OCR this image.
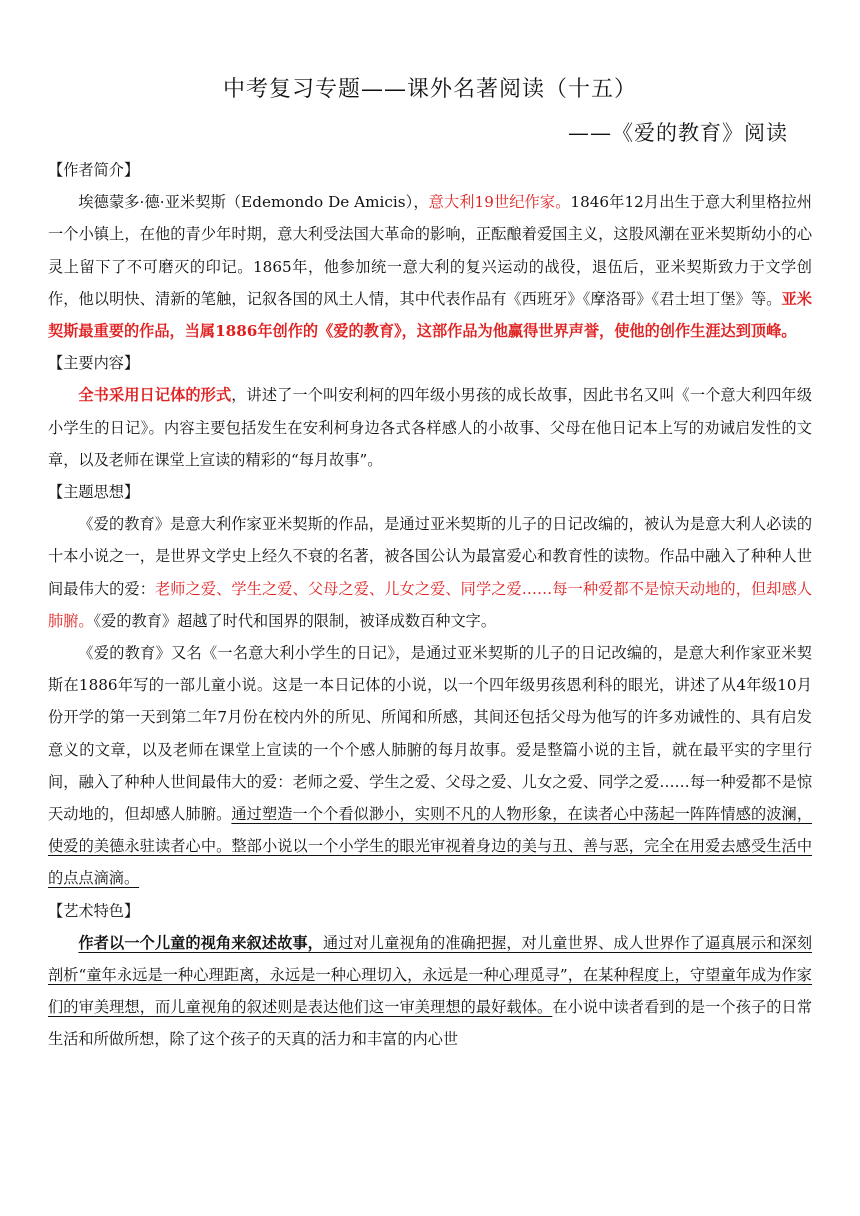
中考复习专题——课外名著阅读（十五）
——《爱的教育》阅读

【作者简介】

埃德蒙多·德·亚米契斯（Edemondo De Amicis），意大利19世纪作家。1846年12月出生于意大利里格拉州一个小镇上，在他的青少年时期，意大利受法国大革命的影响，正酝酿着爱国主义，这股风潮在亚米契斯幼小的心灵上留下了不可磨灭的印记。1865年，他参加统一意大利的复兴运动的战役，退伍后，亚米契斯致力于文学创作，他以明快、清新的笔触，记叙各国的风土人情，其中代表作品有《西班牙》《摩洛哥》《君士坦丁堡》等。亚米契斯最重要的作品，当属1886年创作的《爱的教育》，这部作品为他赢得世界声誉，使他的创作生涯达到顶峰。

【主要内容】

全书采用日记体的形式，讲述了一个叫安利柯的四年级小男孩的成长故事，因此书名又叫《一个意大利四年级小学生的日记》。内容主要包括发生在安利柯身边各式各样感人的小故事、父母在他日记本上写的劝诫启发性的文章，以及老师在课堂上宣读的精彩的“每月故事”。

【主题思想】

《爱的教育》是意大利作家亚米契斯的作品，是通过亚米契斯的儿子的日记改编的，被认为是意大利人必读的十本小说之一，是世界文学史上经久不衰的名著，被各国公认为最富爱心和教育性的读物。作品中融入了种种人世间最伟大的爱：老师之爱、学生之爱、父母之爱、儿女之爱、同学之爱……每一种爱都不是惊天动地的，但却感人肺腑。《爱的教育》超越了时代和国界的限制，被译成数百种文字。

《爱的教育》又名《一名意大利小学生的日记》，是通过亚米契斯的儿子的日记改编的，是意大利作家亚米契斯在1886年写的一部儿童小说。这是一本日记体的小说，以一个四年级男孩恩利科的眼光，讲述了从4年级10月份开学的第一天到第二年7月份在校内外的所见、所闻和所感，其间还包括父母为他写的许多劝诫性的、具有启发意义的文章，以及老师在课堂上宣读的一个个感人肺腑的每月故事。爱是整篇小说的主旨，就在最平实的字里行间，融入了种种人世间最伟大的爱：老师之爱、学生之爱、父母之爱、儿女之爱、同学之爱……每一种爱都不是惊天动地的，但却感人肺腑。通过塑造一个个看似渺小，实则不凡的人物形象，在读者心中荡起一阵阵情感的波澜，使爱的美德永驻读者心中。整部小说以一个小学生的眼光审视着身边的美与丑、善与恶，完全在用爱去感受生活中的点点滴滴。

【艺术特色】

作者以一个儿童的视角来叙述故事，通过对儿童视角的准确把握，对儿童世界、成人世界作了逼真展示和深刻剖析“童年永远是一种心理距离，永远是一种心理切入，永远是一种心理觅寻”，在某种程度上，守望童年成为作家们的审美理想，而儿童视角的叙述则是表达他们这一审美理想的最好载体。在小说中读者看到的是一个孩子的日常生活和所做所想，除了这个孩子的天真的活力和丰富的内心世
